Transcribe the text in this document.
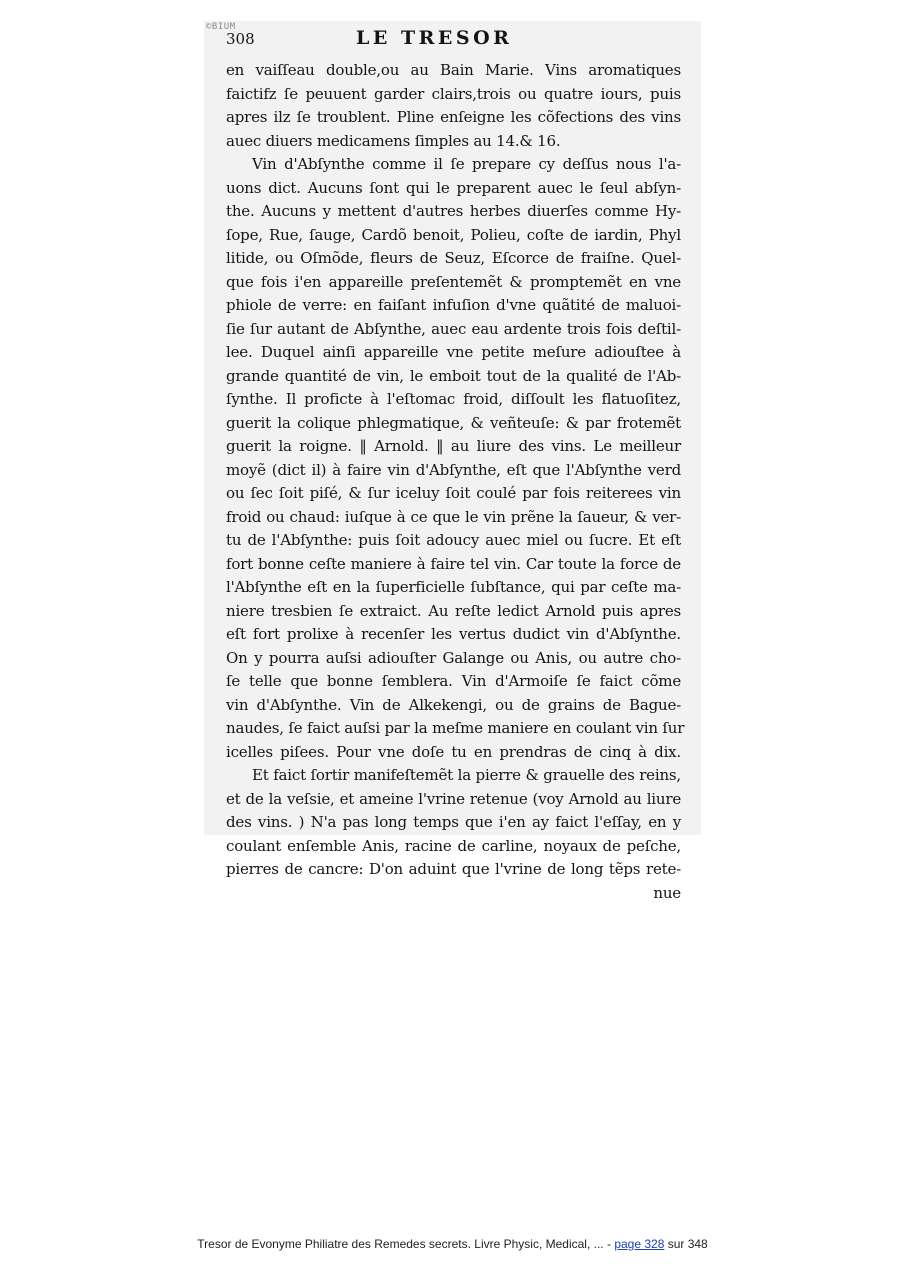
©BIUM
308	LE TRESOR
en vaiſſeau double,ou au Bain Marie. Vins aromatiques
faictifz ſe peuuent garder clairs,trois ou quatre iours, puis
apres ilz ſe troublent. Pline enſeigne les cõfections des vins
auec diuers medicamens ſimples au 14.& 16.
Vin d'Abſynthe comme il ſe prepare cy deſſus nous l'a-
uons dict. Aucuns ſont qui le preparent auec le ſeul abſyn-
the. Aucuns y mettent d'autres herbes diuerſes comme Hy-
ſope, Rue, ſauge, Cardõ benoit, Polieu, coſte de iardin, Phyl
litide, ou Oſmõde, fleurs de Seuz, Eſcorce de fraiſne. Quel-
que fois i'en appareille preſentemẽt & promptemẽt en vne
phiole de verre: en faiſant infuſion d'vne quãtité de maluoi-
ſie ſur autant de Abſynthe, auec eau ardente trois fois deſtil-
lee. Duquel ainſi appareille vne petite meſure adiouſtee à
grande quantité de vin, le emboit tout de la qualité de l'Ab-
ſynthe. Il proficte à l'eſtomac froid, diſſoult les flatuoſitez,
guerit la colique phlegmatique, & veñteuſe: & par frotemẽt
guerit la roigne. ‖ Arnold. ‖ au liure des vins. Le meilleur
moyẽ (dict il) à faire vin d'Abſynthe, eſt que l'Abſynthe verd
ou ſec ſoit piſé, & ſur iceluy ſoit coulé par fois reiterees vin
froid ou chaud: iuſque à ce que le vin prẽne la ſaueur, & ver-
tu de l'Abſynthe: puis ſoit adoucy auec miel ou ſucre. Et eſt
fort bonne ceſte maniere à faire tel vin. Car toute la force de
l'Abſynthe eſt en la ſuperficielle ſubſtance, qui par ceſte ma-
niere tresbien ſe extraict. Au reſte ledict Arnold puis apres
eſt fort prolixe à recenſer les vertus dudict vin d'Abſynthe.
On y pourra auſsi adiouſter Galange ou Anis, ou autre cho-
ſe telle que bonne ſemblera. Vin d'Armoiſe ſe faict cõme
vin d'Abſynthe. Vin de Alkekengi, ou de grains de Bague-
naudes, ſe faict auſsi par la meſme maniere en coulant vin ſur
icelles piſees. Pour vne doſe tu en prendras de cinq à dix.
Et faict ſortir manifeſtemẽt la pierre & grauelle des reins,
et de la veſsie, et ameine l'vrine retenue (voy Arnold au liure
des vins. ) N'a pas long temps que i'en ay faict l'eſſay, en y
coulant enſemble Anis, racine de carline, noyaux de peſche,
pierres de cancre: D'on aduint que l'vrine de long tẽps rete-
nue
Tresor de Evonyme Philiatre des Remedes secrets. Livre Physic, Medical, ... - page 328 sur 348
